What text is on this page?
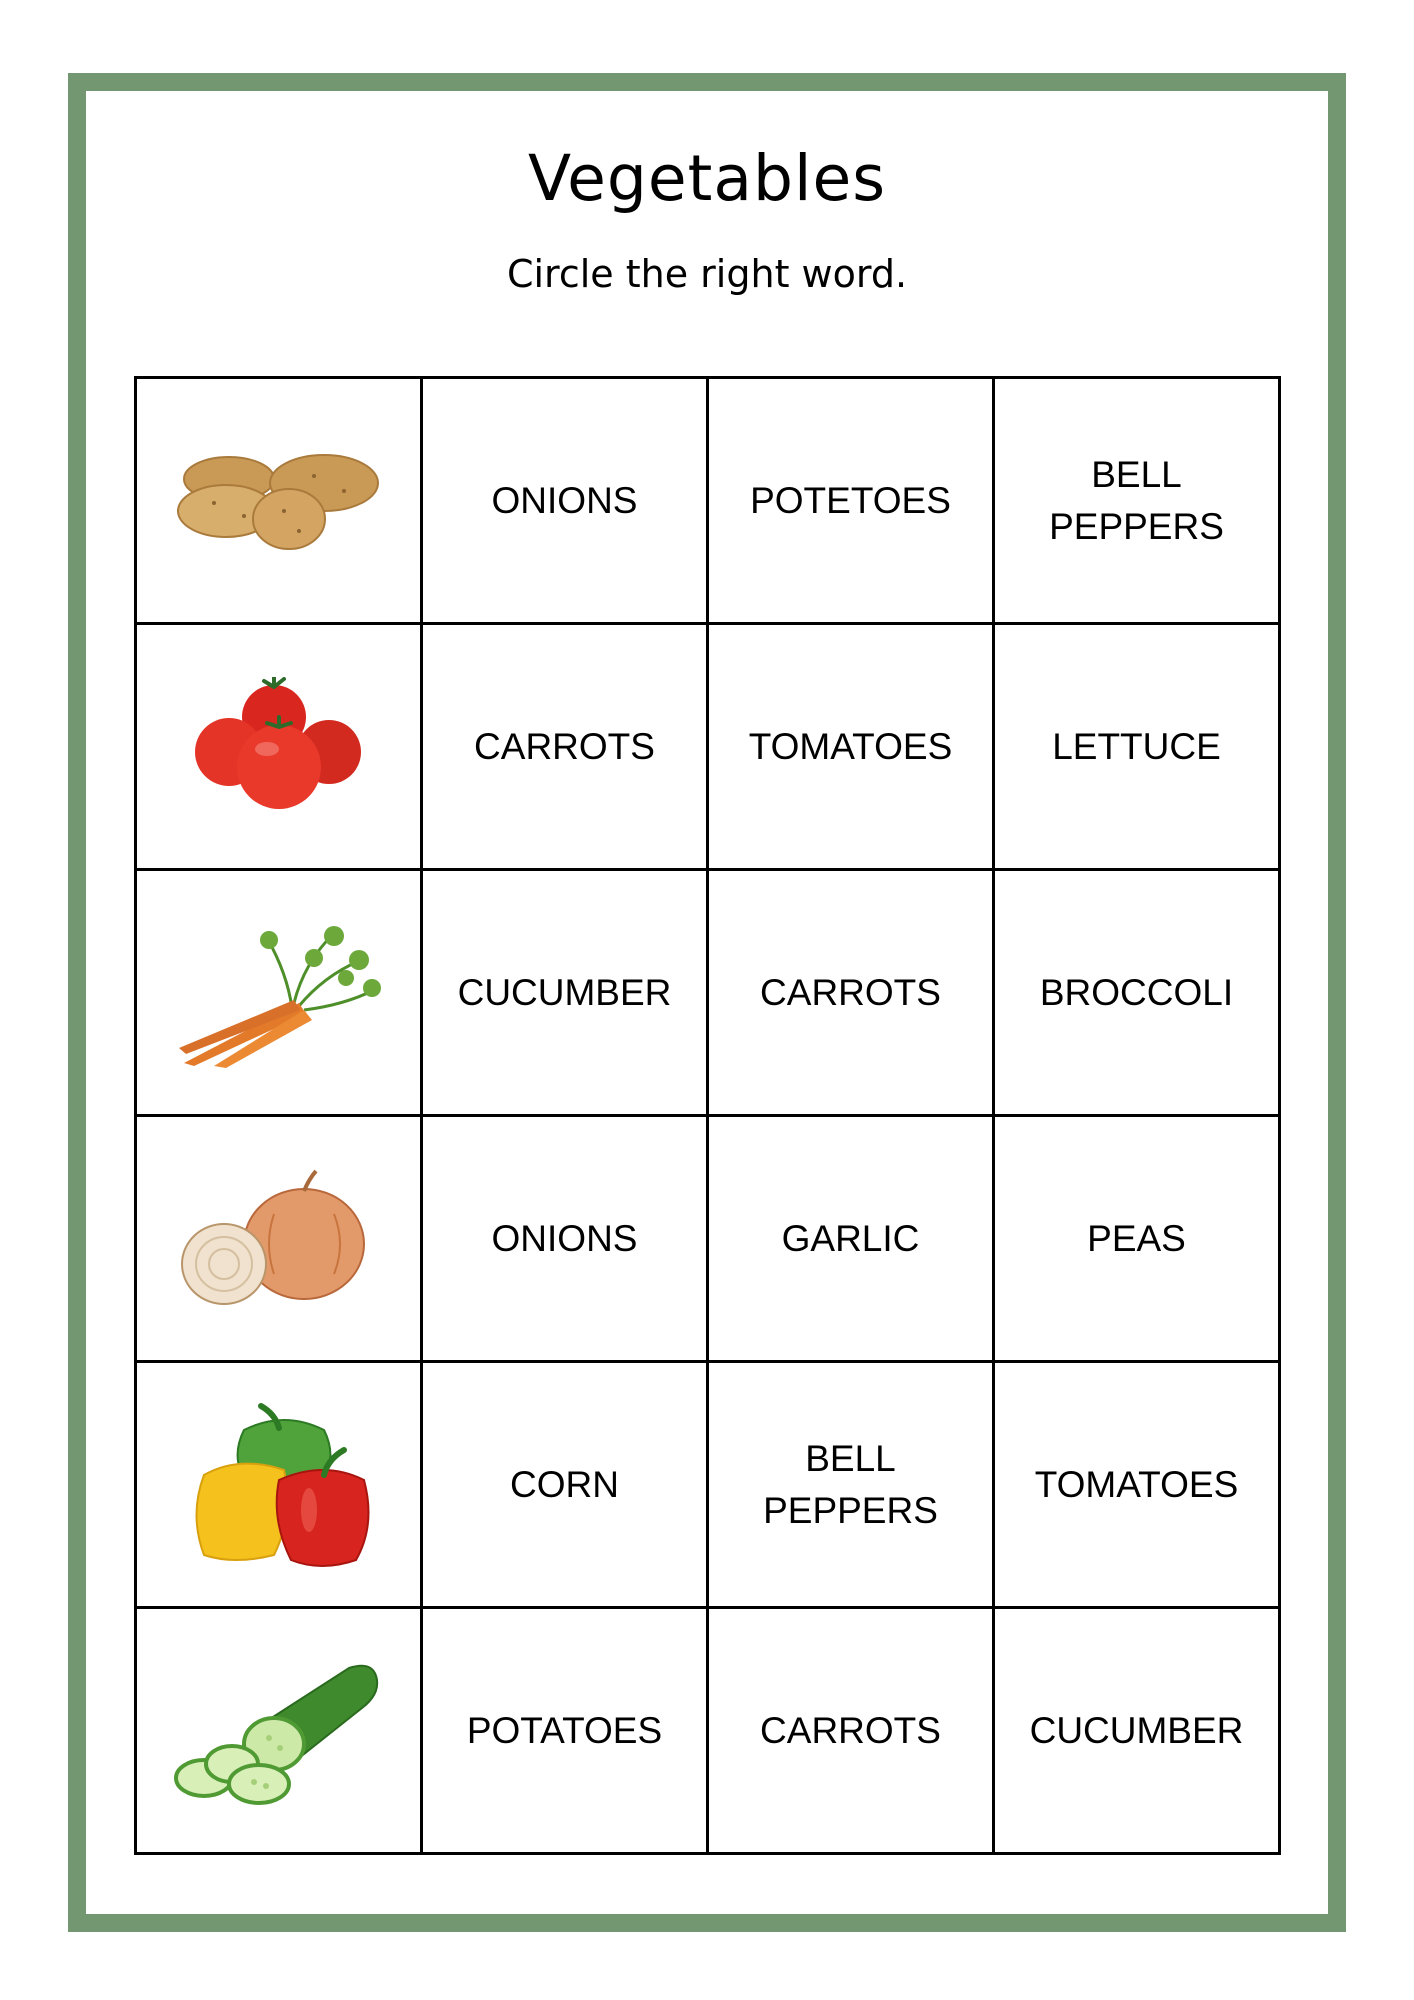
Vegetables
Circle the right word.
	ONIONS	POTETOES	BELL PEPPERS

	CARROTS	TOMATOES	LETTUCE

	CUCUMBER	CARROTS	BROCCOLI

	ONIONS	GARLIC	PEAS

	CORN	BELL PEPPERS	TOMATOES

	POTATOES	CARROTS	CUCUMBER
